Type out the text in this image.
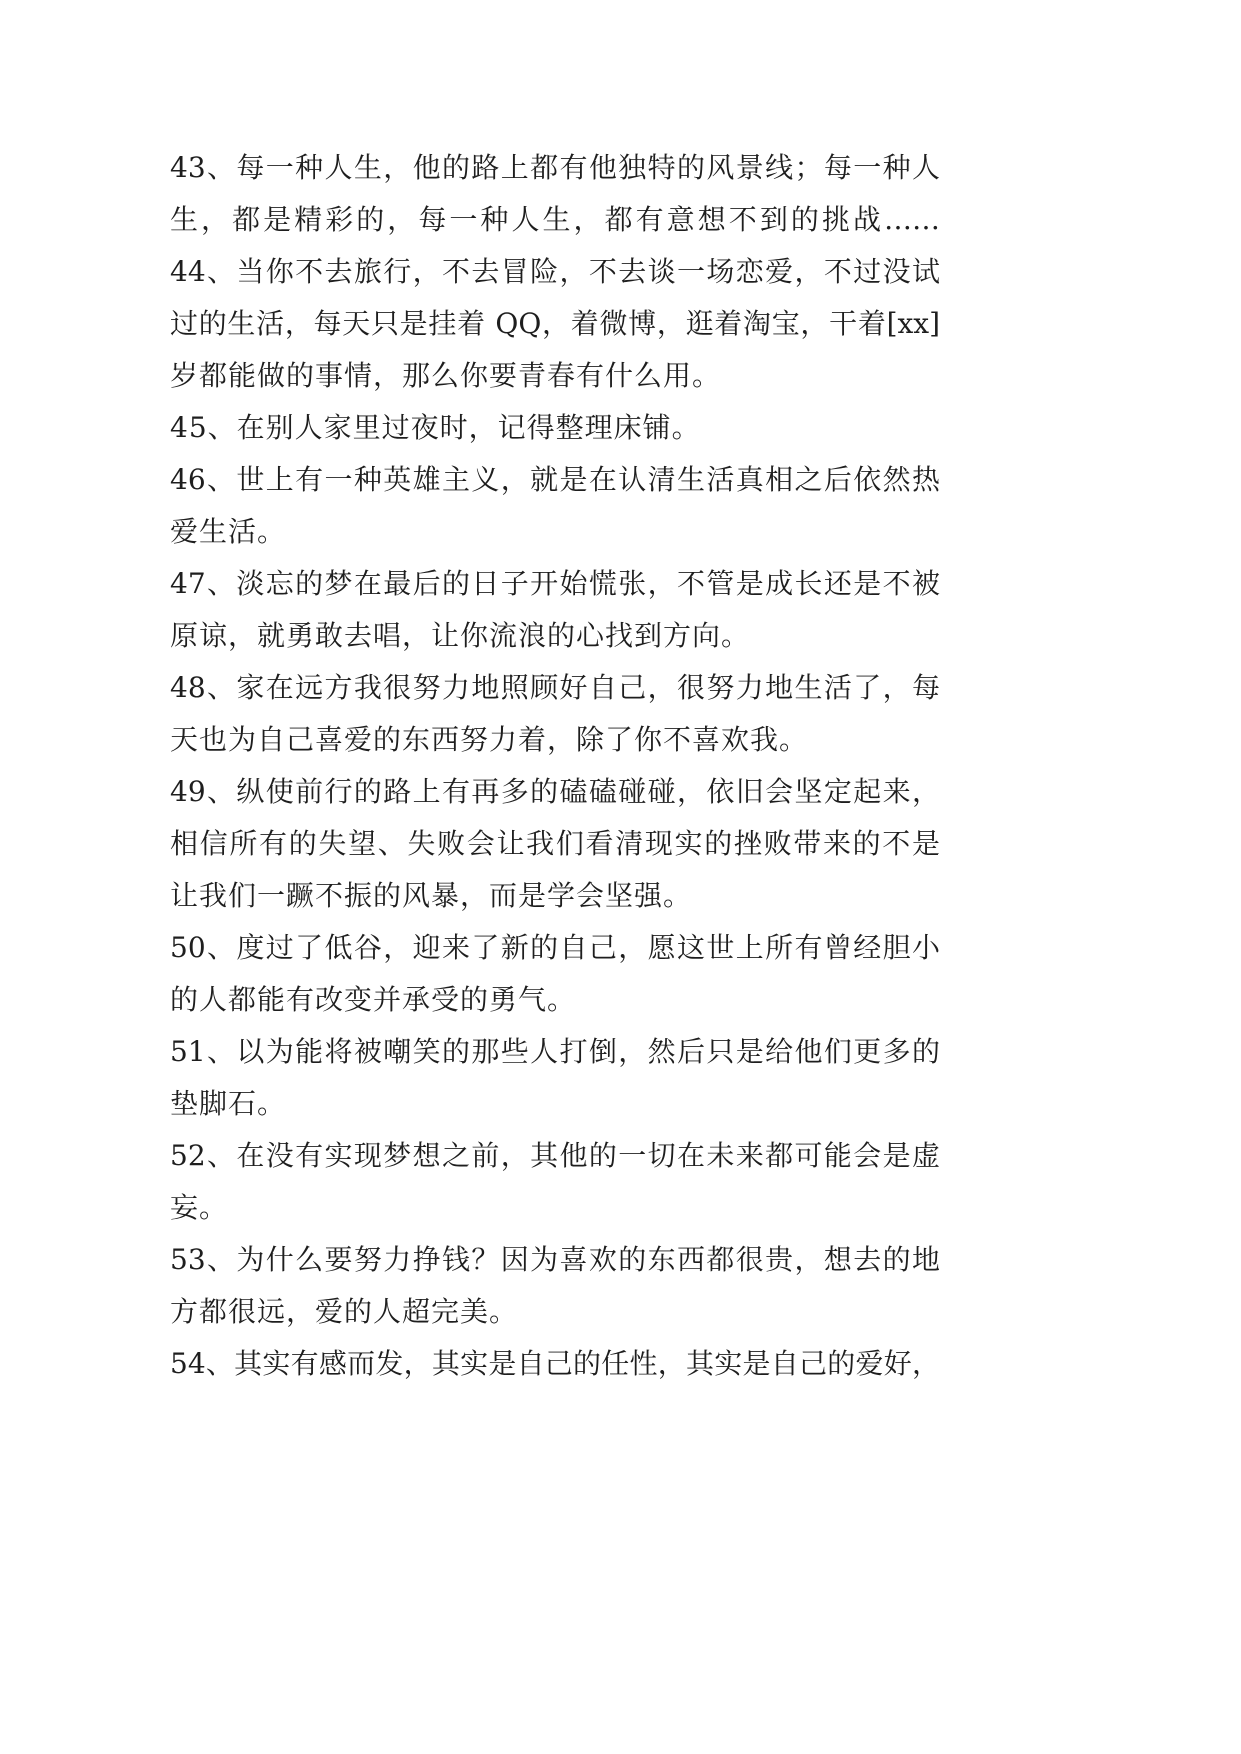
43、每一种人生，他的路上都有他独特的风景线；每一种人
生，都是精彩的，每一种人生，都有意想不到的挑战……
44、当你不去旅行，不去冒险，不去谈一场恋爱，不过没试
过的生活，每天只是挂着 QQ，着微博，逛着淘宝，干着[xx]
岁都能做的事情，那么你要青春有什么用。
45、在别人家里过夜时，记得整理床铺。
46、世上有一种英雄主义，就是在认清生活真相之后依然热
爱生活。
47、淡忘的梦在最后的日子开始慌张，不管是成长还是不被
原谅，就勇敢去唱，让你流浪的心找到方向。
48、家在远方我很努力地照顾好自己，很努力地生活了，每
天也为自己喜爱的东西努力着，除了你不喜欢我。
49、纵使前行的路上有再多的磕磕碰碰，依旧会坚定起来，
相信所有的失望、失败会让我们看清现实的挫败带来的不是
让我们一蹶不振的风暴，而是学会坚强。
50、度过了低谷，迎来了新的自己，愿这世上所有曾经胆小
的人都能有改变并承受的勇气。
51、以为能将被嘲笑的那些人打倒，然后只是给他们更多的
垫脚石。
52、在没有实现梦想之前，其他的一切在未来都可能会是虚
妄。
53、为什么要努力挣钱？因为喜欢的东西都很贵，想去的地
方都很远，爱的人超完美。
54、其实有感而发，其实是自己的任性，其实是自己的爱好，
